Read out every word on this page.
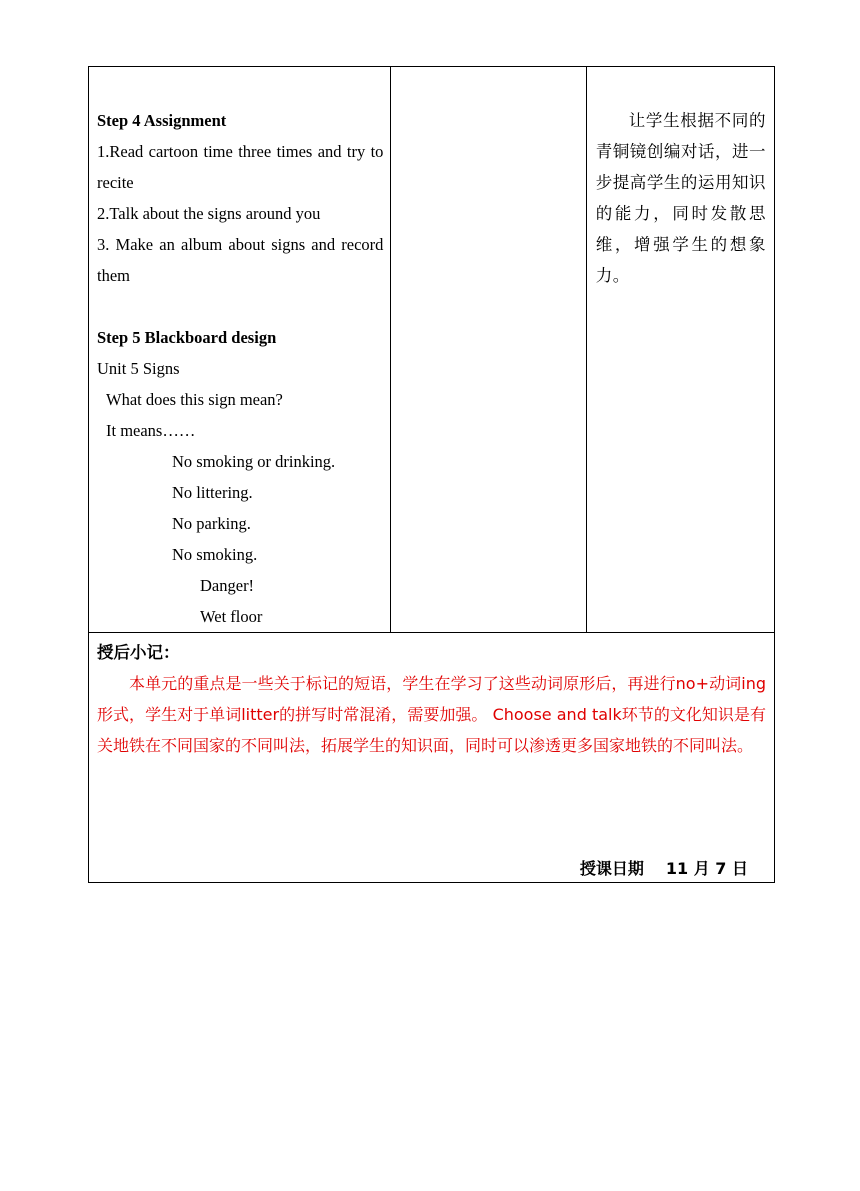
Step 4 Assignment
1.Read cartoon time three times and try to recite
2.Talk about the signs around you
3. Make an album about signs and record them
Step 5 Blackboard design
Unit 5 Signs
What does this sign mean?
It means……
No smoking or drinking.
No littering.
No parking.
No smoking.
Danger!
Wet floor

让学生根据不同的青铜镜创编对话，进一步提高学生的运用知识的能力，同时发散思维，增强学生的想象力。

授后小记：

本单元的重点是一些关于标记的短语，学生在学习了这些动词原形后，再进行no+动词ing形式，学生对于单词litter的拼写时常混淆，需要加强。 Choose and talk环节的文化知识是有关地铁在不同国家的不同叫法，拓展学生的知识面，同时可以渗透更多国家地铁的不同叫法。

授课日期 11 月 7 日
